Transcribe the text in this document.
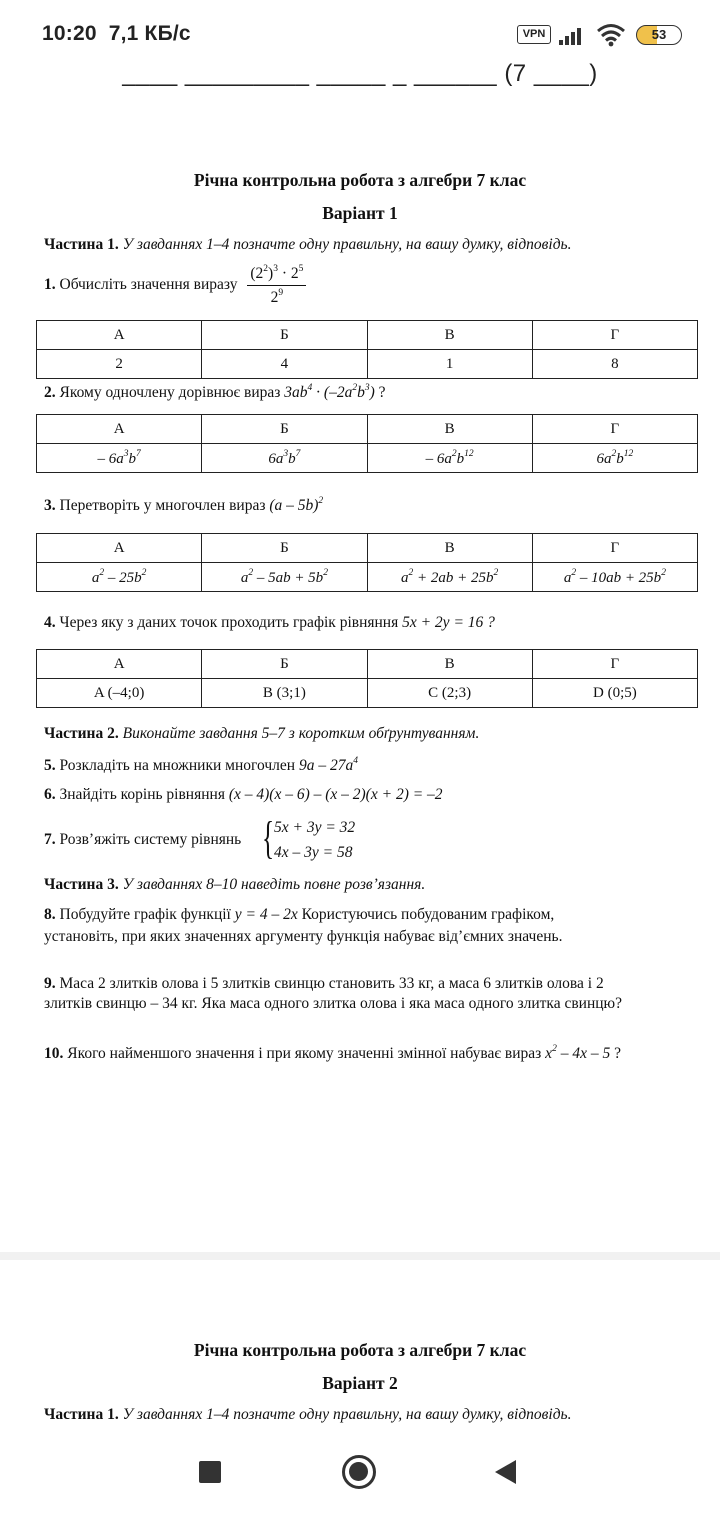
10:20 7,1 КБ/с	VPN	53
____ _________ _____ _ ______ (7 ____)
Річна контрольна робота з алгебри 7 клас
Варіант 1
Частина 1. У завданнях 1–4 позначте одну правильну, на вашу думку, відповідь.
1. Обчисліть значення виразу $\frac{(2^2)^3 \cdot 2^5}{2^9}$
А	Б	В	Г
2	4	1	8
2. Якому одночлену дорівнює вираз $3ab^4 \cdot (-2a^2b^3)$ ?
А	Б	В	Г
– $6a^3b^7$	$6a^3b^7$	– $6a^2b^{12}$	$6a^2b^{12}$
3. Перетворіть у многочлен вираз (a – 5b)$^2$
А	Б	В	Г
$a^2 - 25b^2$	$a^2 - 5ab + 5b^2$	$a^2 + 2ab + 25b^2$	$a^2 - 10ab + 25b^2$
4. Через яку з даних точок проходить графік рівняння 5x + 2y = 16 ?
А	Б	В	Г
A (–4;0)	B (3;1)	C (2;3)	D (0;5)
Частина 2. Виконайте завдання 5–7 з коротким обґрунтуванням.
5. Розкладіть на множники многочлен $9a - 27a^4$
6. Знайдіть корінь рівняння (x – 4)(x – 6) – (x – 2)(x + 2) = –2
7. Розв’яжіть систему рівнянь { 5x + 3y = 32
4x – 3y = 58
Частина 3. У завданнях 8–10 наведіть повне розв’язання.
8. Побудуйте графік функції y = 4 – 2x Користуючись побудованим графіком,
установіть, при яких значеннях аргументу функція набуває від’ємних значень.
9. Маса 2 злитків олова і 5 злитків свинцю становить 33 кг, а маса 6 злитків олова і 2
злитків свинцю – 34 кг. Яка маса одного злитка олова і яка маса одного злитка свинцю?
10. Якого найменшого значення і при якому значенні змінної набуває вираз $x^2 - 4x - 5$ ?
Річна контрольна робота з алгебри 7 клас
Варіант 2
Частина 1. У завданнях 1–4 позначте одну правильну, на вашу думку, відповідь.
